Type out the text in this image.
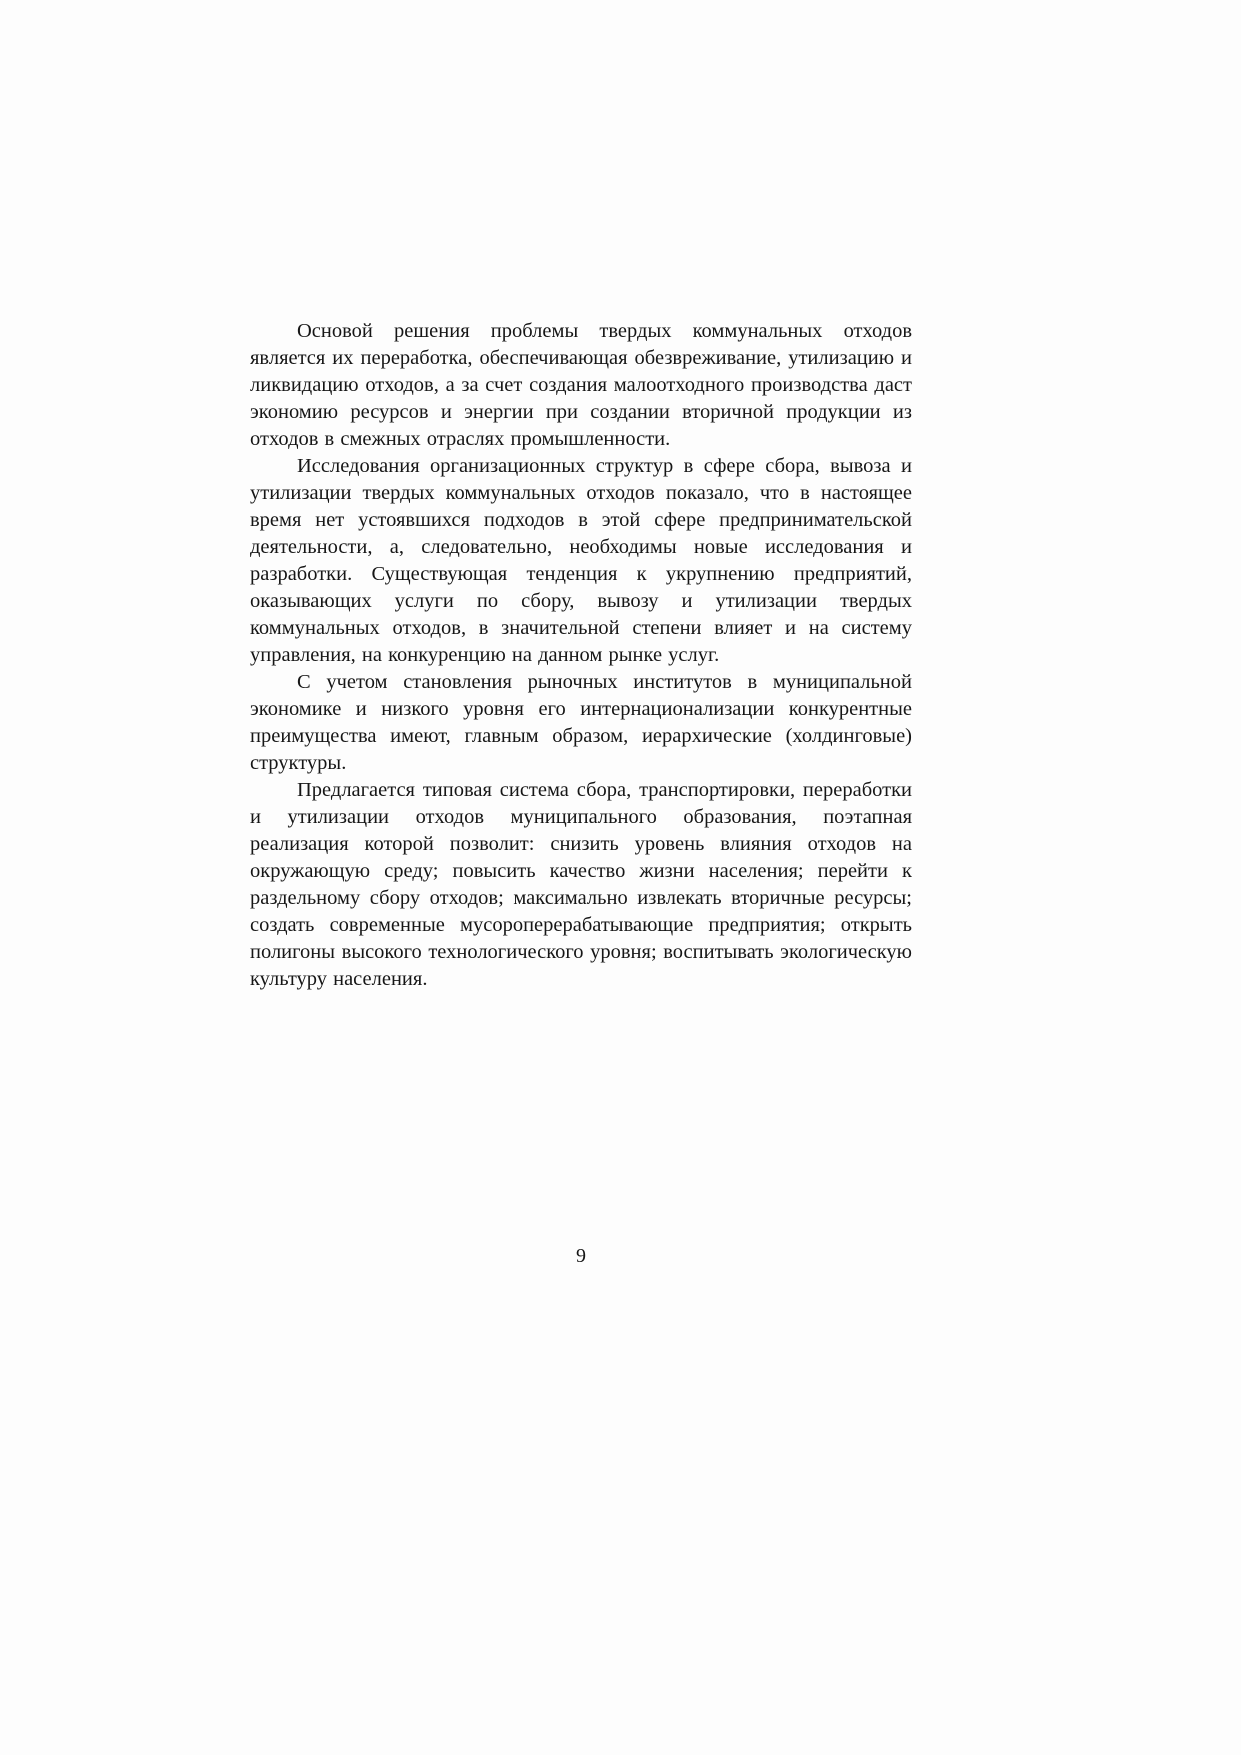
Основой решения проблемы твердых коммунальных отходов является их переработка, обеспечивающая обезвреживание, утилизацию и ликвидацию отходов, а за счет создания малоотходного производства даст экономию ресурсов и энергии при создании вторичной продукции из отходов в смежных отраслях промышленности.

Исследования организационных структур в сфере сбора, вывоза и утилизации твердых коммунальных отходов показало, что в настоящее время нет устоявшихся подходов в этой сфере предпринимательской деятельности, а, следовательно, необходимы новые исследования и разработки. Существующая тенденция к укрупнению предприятий, оказывающих услуги по сбору, вывозу и утилизации твердых коммунальных отходов, в значительной степени влияет и на систему управления, на конкуренцию на данном рынке услуг.

С учетом становления рыночных институтов в муниципальной экономике и низкого уровня его интернационализации конкурентные преимущества имеют, главным образом, иерархические (холдинговые) структуры.

Предлагается типовая система сбора, транспортировки, переработки и утилизации отходов муниципального образования, поэтапная реализация которой позволит: снизить уровень влияния отходов на окружающую среду; повысить качество жизни населения; перейти к раздельному сбору отходов; максимально извлекать вторичные ресурсы; создать современные мусороперерабатывающие предприятия; открыть полигоны высокого технологического уровня; воспитывать экологическую культуру населения.

9
